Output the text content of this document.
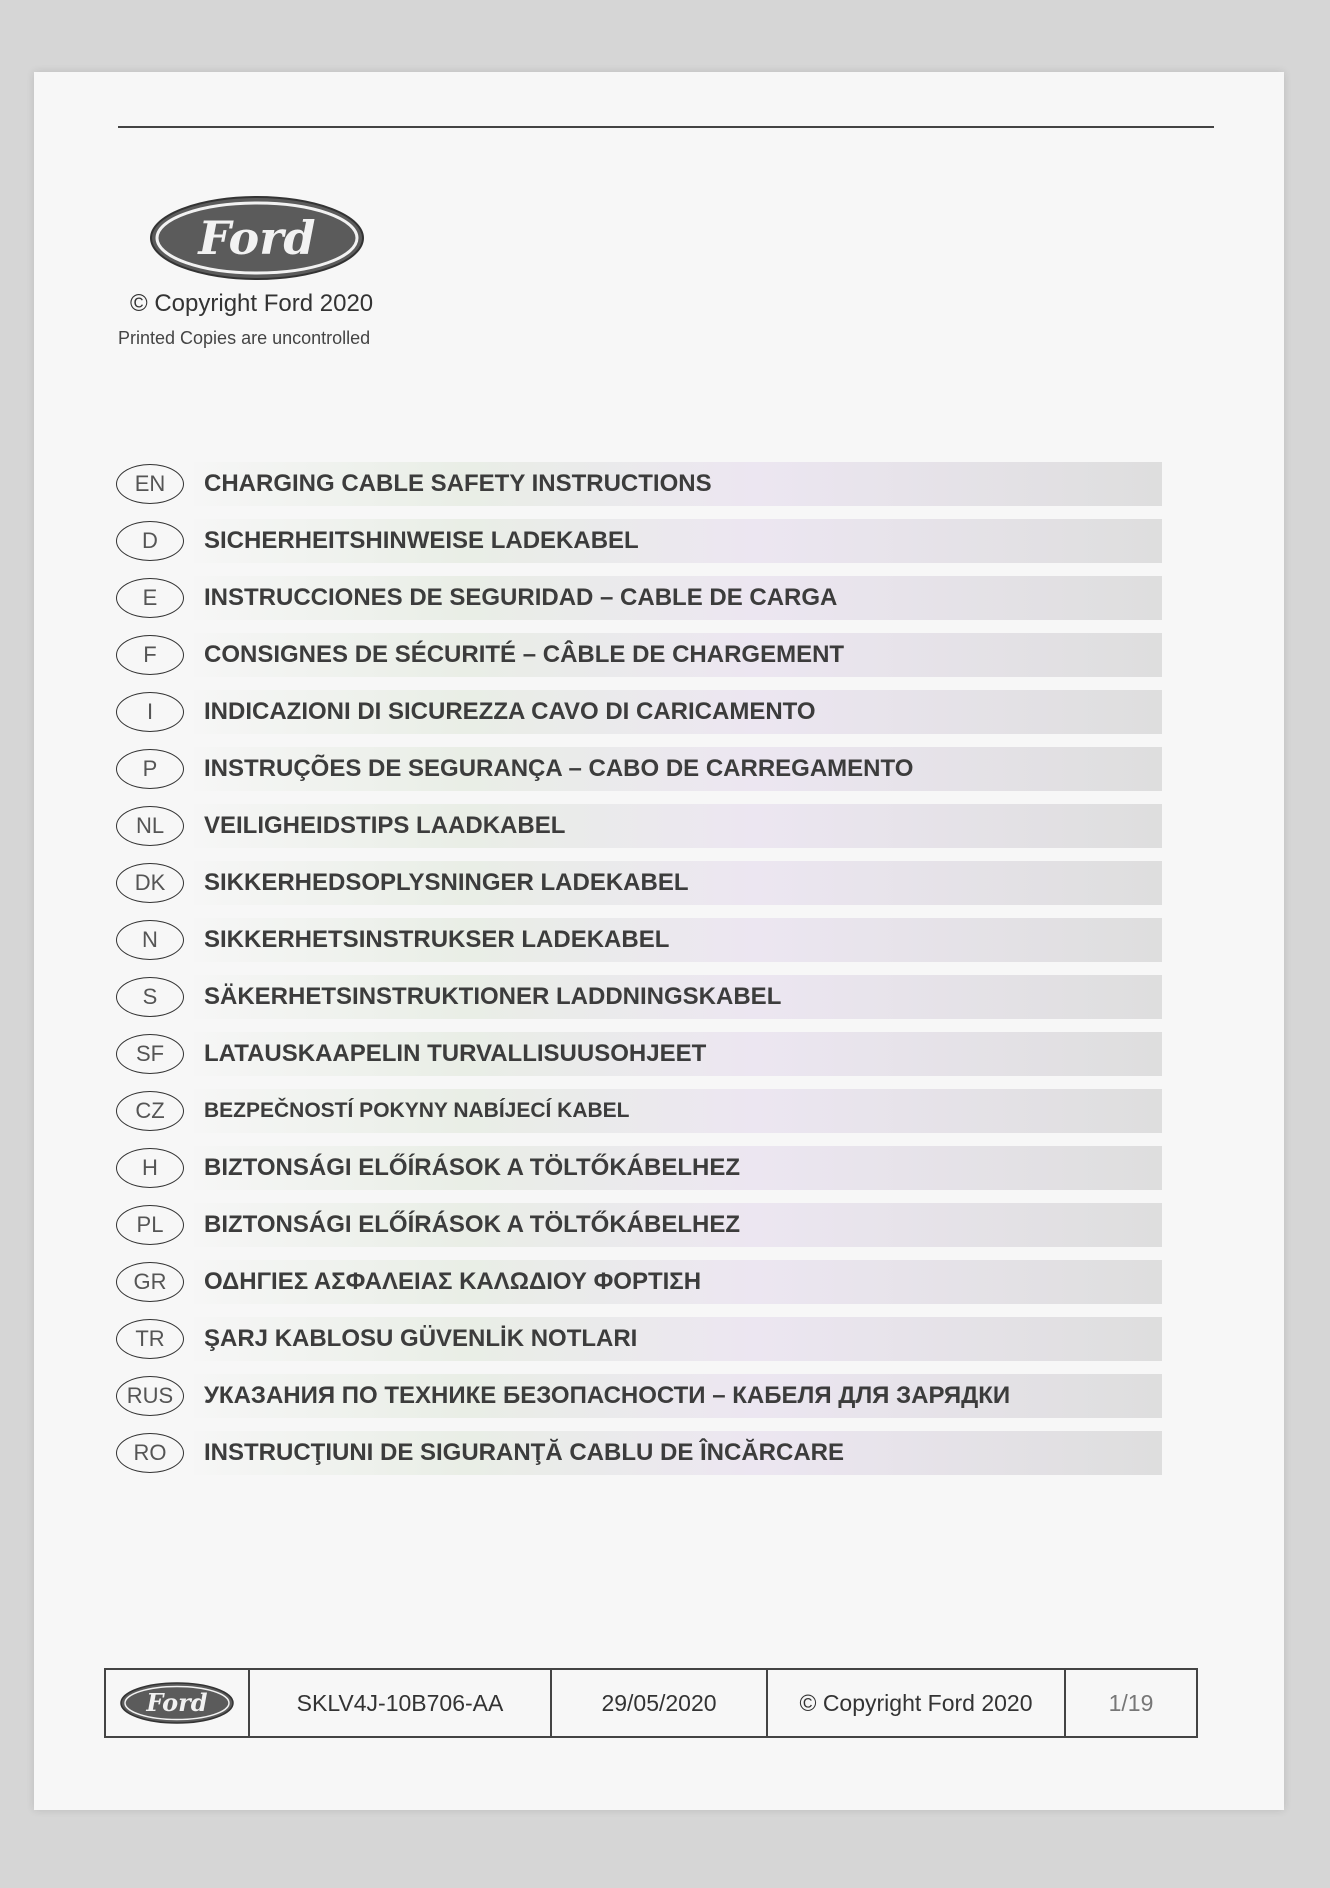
Ford
© Copyright Ford 2020
Printed Copies are uncontrolled
EN	CHARGING CABLE SAFETY INSTRUCTIONS
D	SICHERHEITSHINWEISE LADEKABEL
E	INSTRUCCIONES DE SEGURIDAD – CABLE DE CARGA
F	CONSIGNES DE SÉCURITÉ – CÂBLE DE CHARGEMENT
I	INDICAZIONI DI SICUREZZA CAVO DI CARICAMENTO
P	INSTRUÇÕES DE SEGURANÇA – CABO DE CARREGAMENTO
NL	VEILIGHEIDSTIPS LAADKABEL
DK	SIKKERHEDSOPLYSNINGER LADEKABEL
N	SIKKERHETSINSTRUKSER LADEKABEL
S	SÄKERHETSINSTRUKTIONER LADDNINGSKABEL
SF	LATAUSKAAPELIN TURVALLISUUSOHJEET
CZ	BEZPEČNOSTÍ POKYNY NABÍJECÍ KABEL
H	BIZTONSÁGI ELŐÍRÁSOK A TÖLTŐKÁBELHEZ
PL	BIZTONSÁGI ELŐÍRÁSOK A TÖLTŐKÁBELHEZ
GR	ΟΔΗΓΙΕΣ ΑΣΦΑΛΕΙΑΣ ΚΑΛΩΔΙΟΥ ΦΟΡΤΙΣΗ
TR	ŞARJ KABLOSU GÜVENLİK NOTLARI
RUS	УКАЗАНИЯ ПО ТЕХНИКЕ БЕЗОПАСНОСТИ – КАБЕЛЯ ДЛЯ ЗАРЯДКИ
RO	INSTRUCŢIUNI DE SIGURANŢĂ CABLU DE ÎNCĂRCARE
Ford	SKLV4J-10B706-AA	29/05/2020	© Copyright Ford 2020	1/19
